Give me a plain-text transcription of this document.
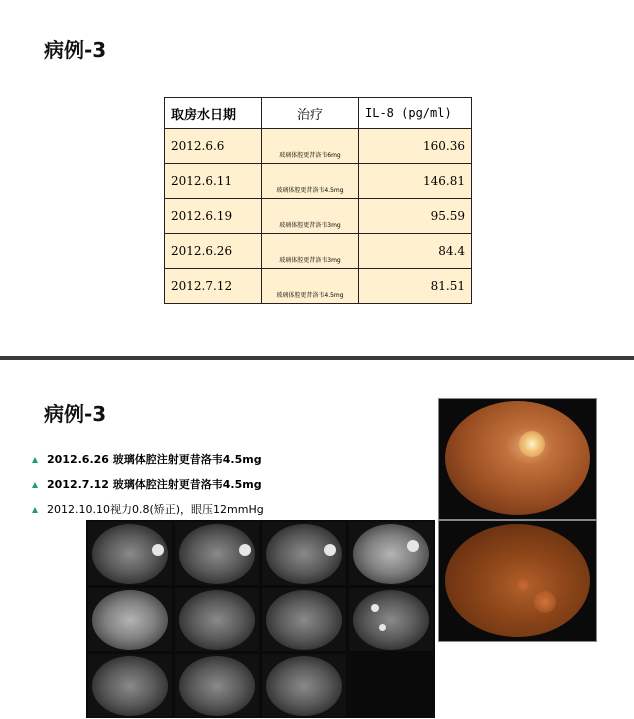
病例-3
取房水日期	治疗	IL-8 (pg/ml)
2012.6.6	玻璃体腔更昔洛韦6mg	160.36
2012.6.11	玻璃体腔更昔洛韦4.5mg	146.81
2012.6.19	玻璃体腔更昔洛韦3mg	95.59
2012.6.26	玻璃体腔更昔洛韦3mg	84.4
2012.7.12	玻璃体腔更昔洛韦4.5mg	81.51
病例-3
2012.6.26 玻璃体腔注射更昔洛韦4.5mg
2012.7.12 玻璃体腔注射更昔洛韦4.5mg
2012.10.10视力0.8(矫正)，眼压12mmHg
